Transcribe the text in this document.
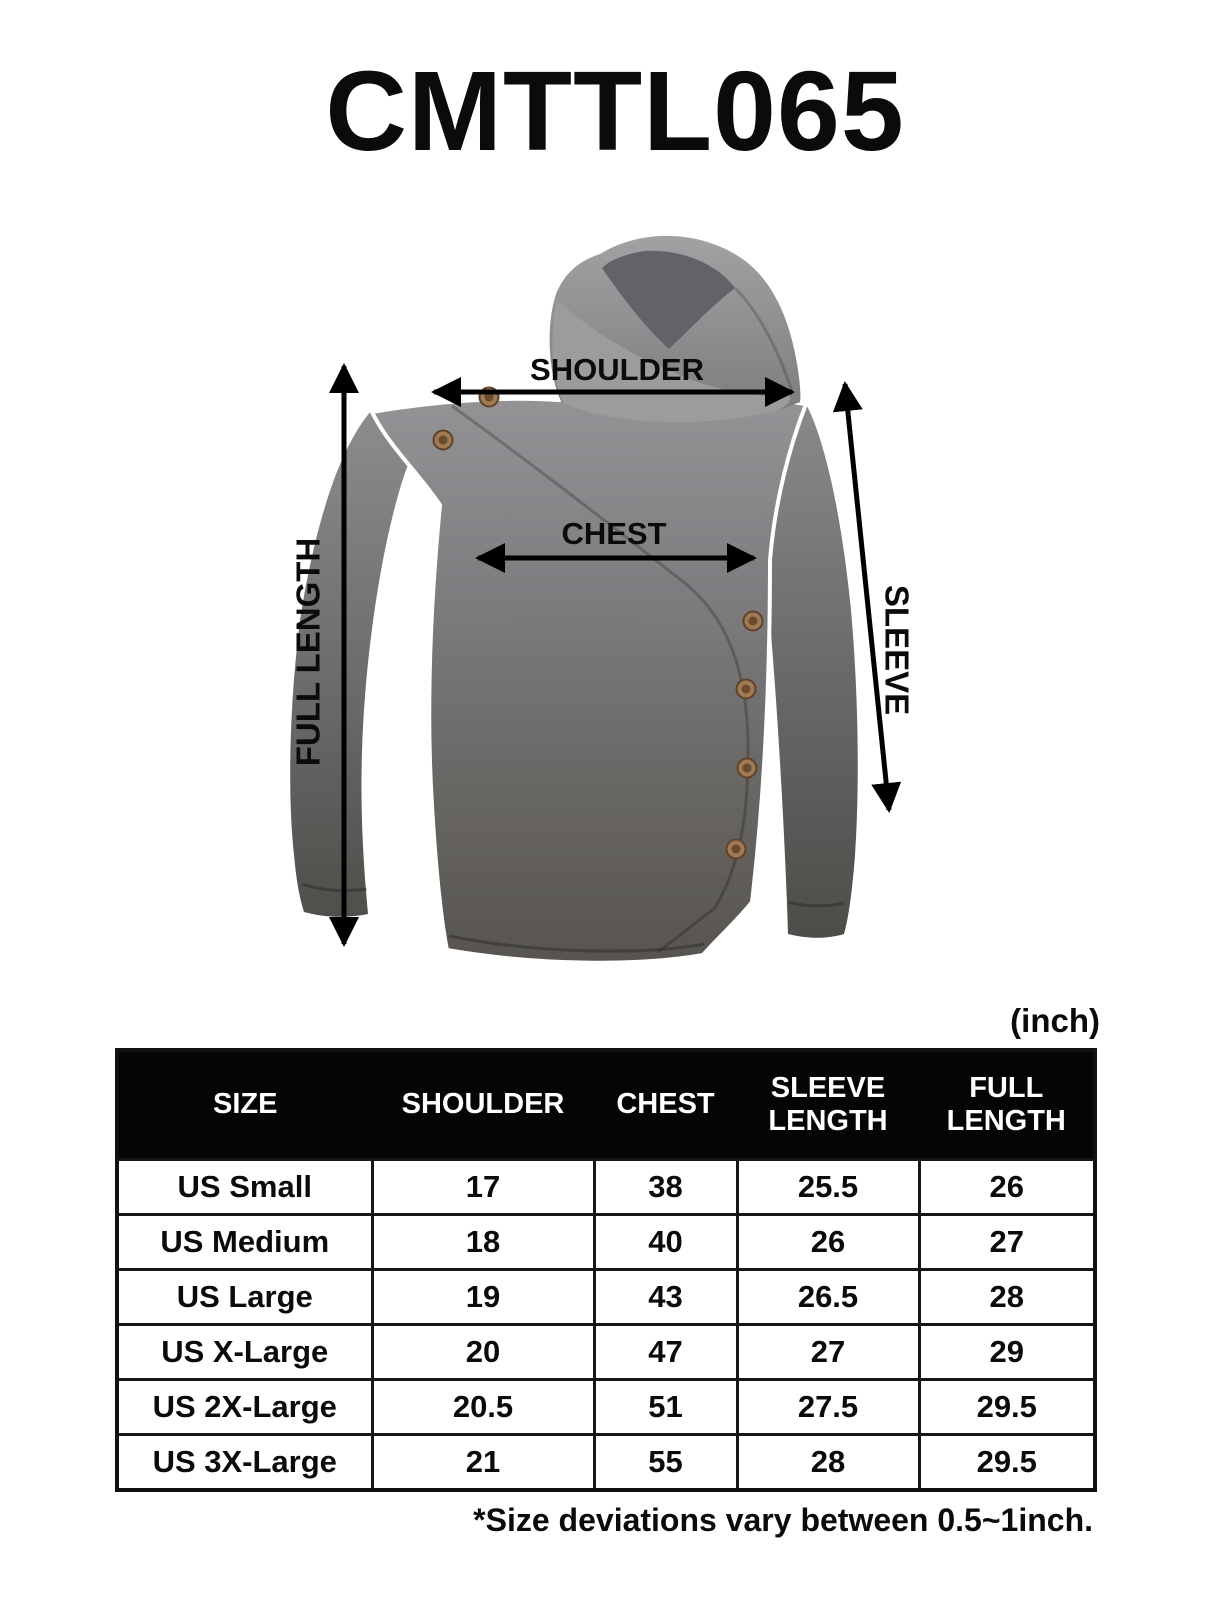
CMTTL065
SHOULDER
CHEST
FULL LENGTH	SLEEVE
(inch)
SIZE	SHOULDER	CHEST	SLEEVE LENGTH	FULL LENGTH
US Small	17	38	25.5	26
US Medium	18	40	26	27
US Large	19	43	26.5	28
US X-Large	20	47	27	29
US 2X-Large	20.5	51	27.5	29.5
US 3X-Large	21	55	28	29.5
*Size deviations vary between 0.5~1inch.
